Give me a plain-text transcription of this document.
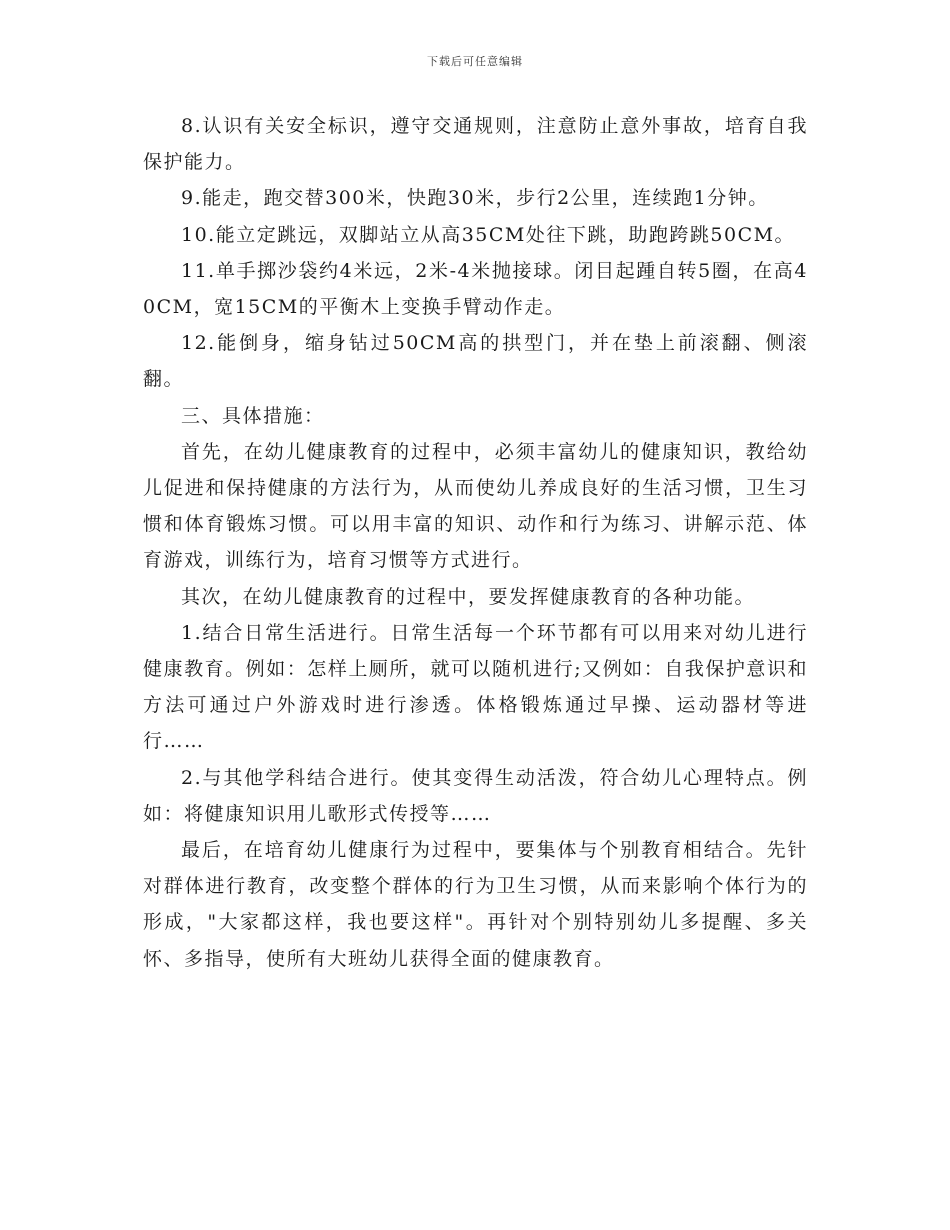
下载后可任意编辑

8.认识有关安全标识，遵守交通规则，注意防止意外事故，培育自我保护能力。

9.能走，跑交替300米，快跑30米，步行2公里，连续跑1分钟。

10.能立定跳远，双脚站立从高35CM处往下跳，助跑跨跳50CM。

11.单手掷沙袋约4米远，2米-4米抛接球。闭目起踵自转5圈，在高40CM，宽15CM的平衡木上变换手臂动作走。

12.能倒身，缩身钻过50CM高的拱型门，并在垫上前滚翻、侧滚翻。

三、具体措施：

首先，在幼儿健康教育的过程中，必须丰富幼儿的健康知识，教给幼儿促进和保持健康的方法行为，从而使幼儿养成良好的生活习惯，卫生习惯和体育锻炼习惯。可以用丰富的知识、动作和行为练习、讲解示范、体育游戏，训练行为，培育习惯等方式进行。

其次，在幼儿健康教育的过程中，要发挥健康教育的各种功能。

1.结合日常生活进行。日常生活每一个环节都有可以用来对幼儿进行健康教育。例如：怎样上厕所，就可以随机进行;又例如：自我保护意识和方法可通过户外游戏时进行渗透。体格锻炼通过早操、运动器材等进行……

2.与其他学科结合进行。使其变得生动活泼，符合幼儿心理特点。例如：将健康知识用儿歌形式传授等……

最后，在培育幼儿健康行为过程中，要集体与个别教育相结合。先针对群体进行教育，改变整个群体的行为卫生习惯，从而来影响个体行为的形成，"大家都这样，我也要这样"。再针对个别特别幼儿多提醒、多关怀、多指导，使所有大班幼儿获得全面的健康教育。
